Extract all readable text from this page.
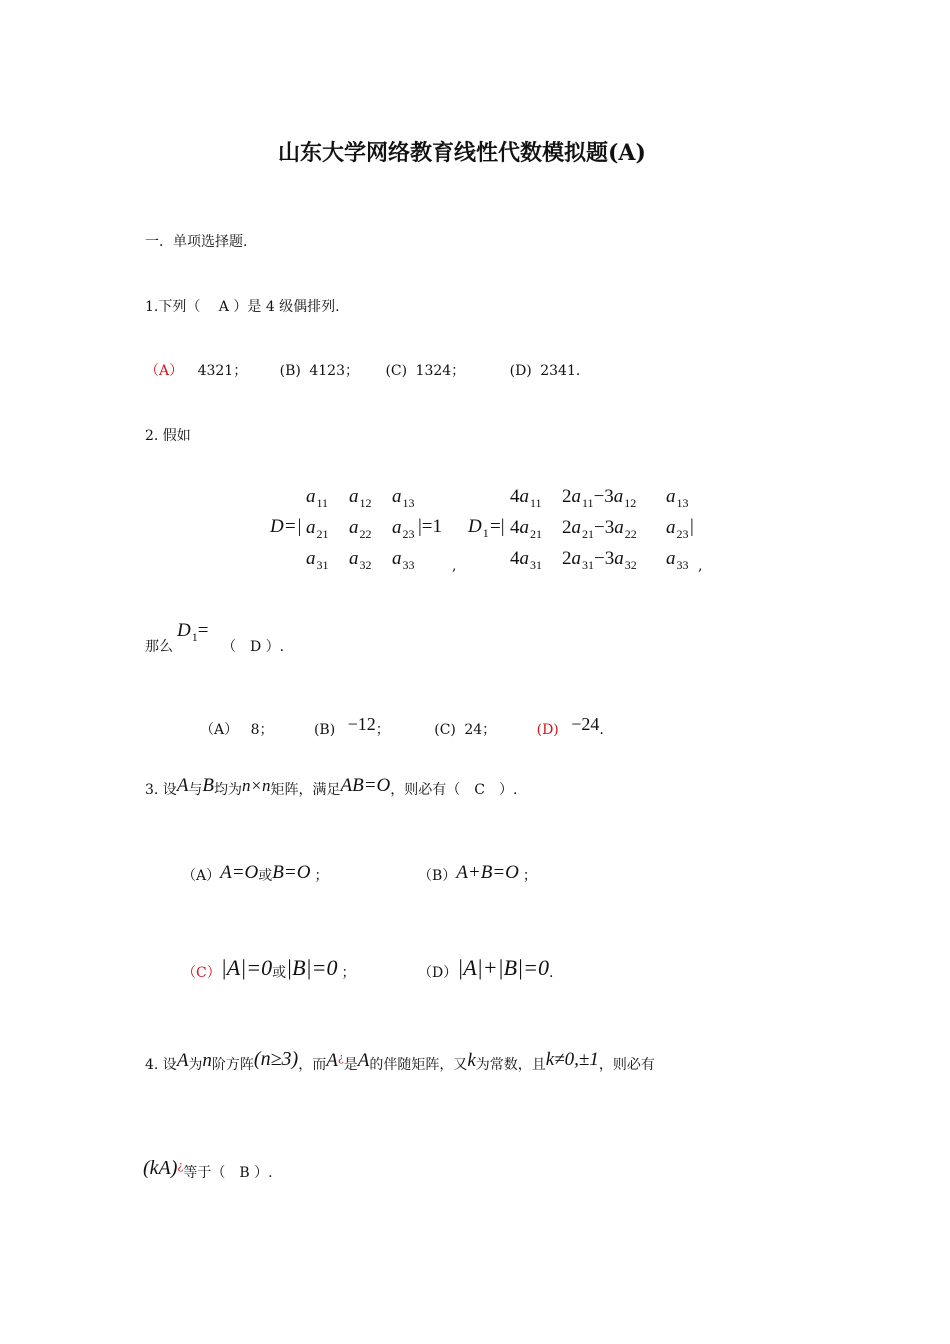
山东大学网络教育线性代数模拟题(A)
一．单项选择题.
1.下列（　 A ）是 4 级偶排列.
（A） 4321； (B) 4123； (C) 1324；	(D) 2341.
2. 假如
D=|	|=1
$a_{11}$ $a_{12}$ $a_{13}$
$a_{21}$ $a_{22}$ $a_{23}$
$a_{31}$ $a_{32}$ $a_{33}$	,
$D_1$ =|	|
$4a_{11}$ $2a_{11}-3a_{12}$ $a_{13}$
$4a_{21}$ $2a_{21}-3a_{22}$ $a_{23}$
$4a_{31}$ $2a_{31}-3a_{32}$ $a_{33}$ ,
那么
$D_1=$
（　D ）.
（A） 8；	(B) −12；	(C) 24；	(D) −24.
3. 设A与B均为n×n矩阵，满足AB=O，则必有（　C　）.
（A）A=O或B=O ；	（B）A+B=O ；
（C）|A|=0或|B|=0 ；	（D）|A|+|B|=0.
4. 设A为n阶方阵(n≥3)，而A¿是A的伴随矩阵，又k为常数，且k≠0,±1，则必有
(kA)¿等于（　B ）.
